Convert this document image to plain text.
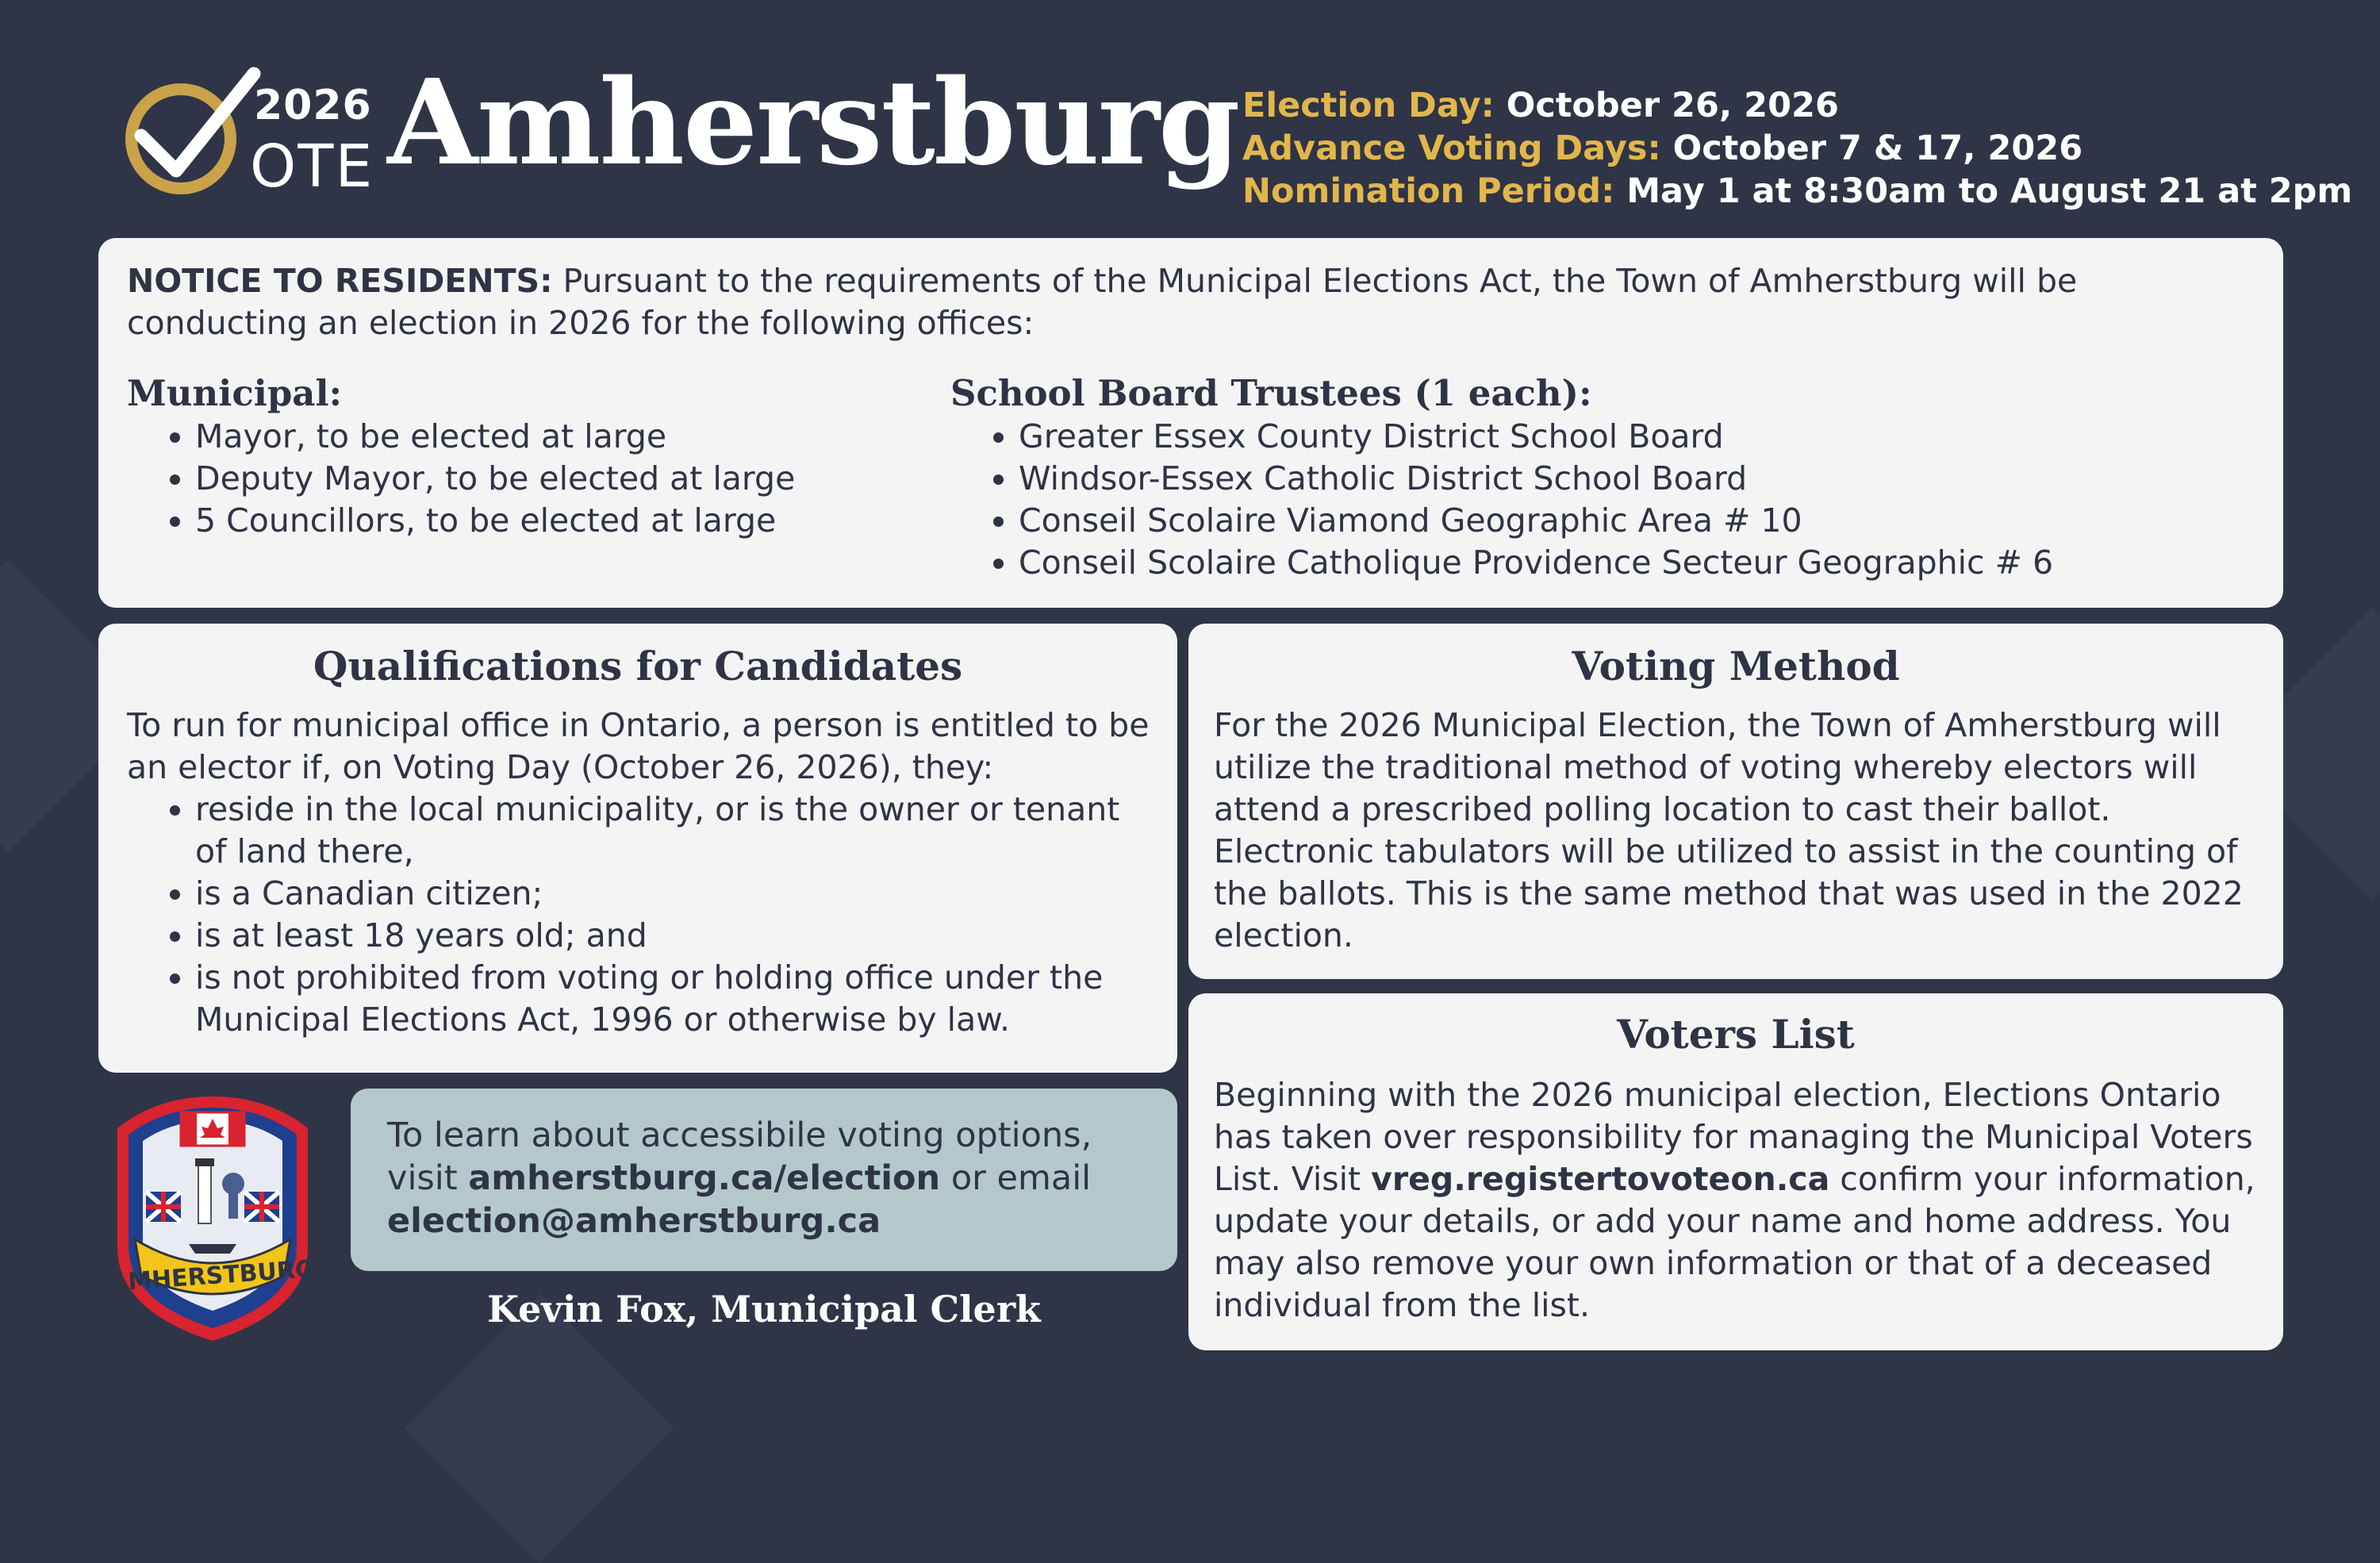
2026
OTE Amherstburg Election Day: October 26, 2026
Advance Voting Days: October 7 & 17, 2026
Nomination Period: May 1 at 8:30am to August 21 at 2pm
NOTICE TO RESIDENTS: Pursuant to the requirements of the Municipal Elections Act, the Town of Amherstburg will be conducting an election in 2026 for the following offices:
Municipal:
• Mayor, to be elected at large
• Deputy Mayor, to be elected at large
• 5 Councillors, to be elected at large
School Board Trustees (1 each):
• Greater Essex County District School Board
• Windsor-Essex Catholic District School Board
• Conseil Scolaire Viamond Geographic Area # 10
• Conseil Scolaire Catholique Providence Secteur Geographic # 6
Qualifications for Candidates
To run for municipal office in Ontario, a person is entitled to be an elector if, on Voting Day (October 26, 2026), they:
• reside in the local municipality, or is the owner or tenant of land there,
• is a Canadian citizen;
• is at least 18 years old; and
• is not prohibited from voting or holding office under the Municipal Elections Act, 1996 or otherwise by law.
Voting Method
For the 2026 Municipal Election, the Town of Amherstburg will utilize the traditional method of voting whereby electors will attend a prescribed polling location to cast their ballot. Electronic tabulators will be utilized to assist in the counting of the ballots. This is the same method that was used in the 2022 election.
Voters List
Beginning with the 2026 municipal election, Elections Ontario has taken over responsibility for managing the Municipal Voters List. Visit vreg.registertovoteon.ca confirm your information, update your details, or add your name and home address. You may also remove your own information or that of a deceased individual from the list.
AMHERSTBURG
To learn about accessibile voting options, visit amherstburg.ca/election or email election@amherstburg.ca
Kevin Fox, Municipal Clerk
